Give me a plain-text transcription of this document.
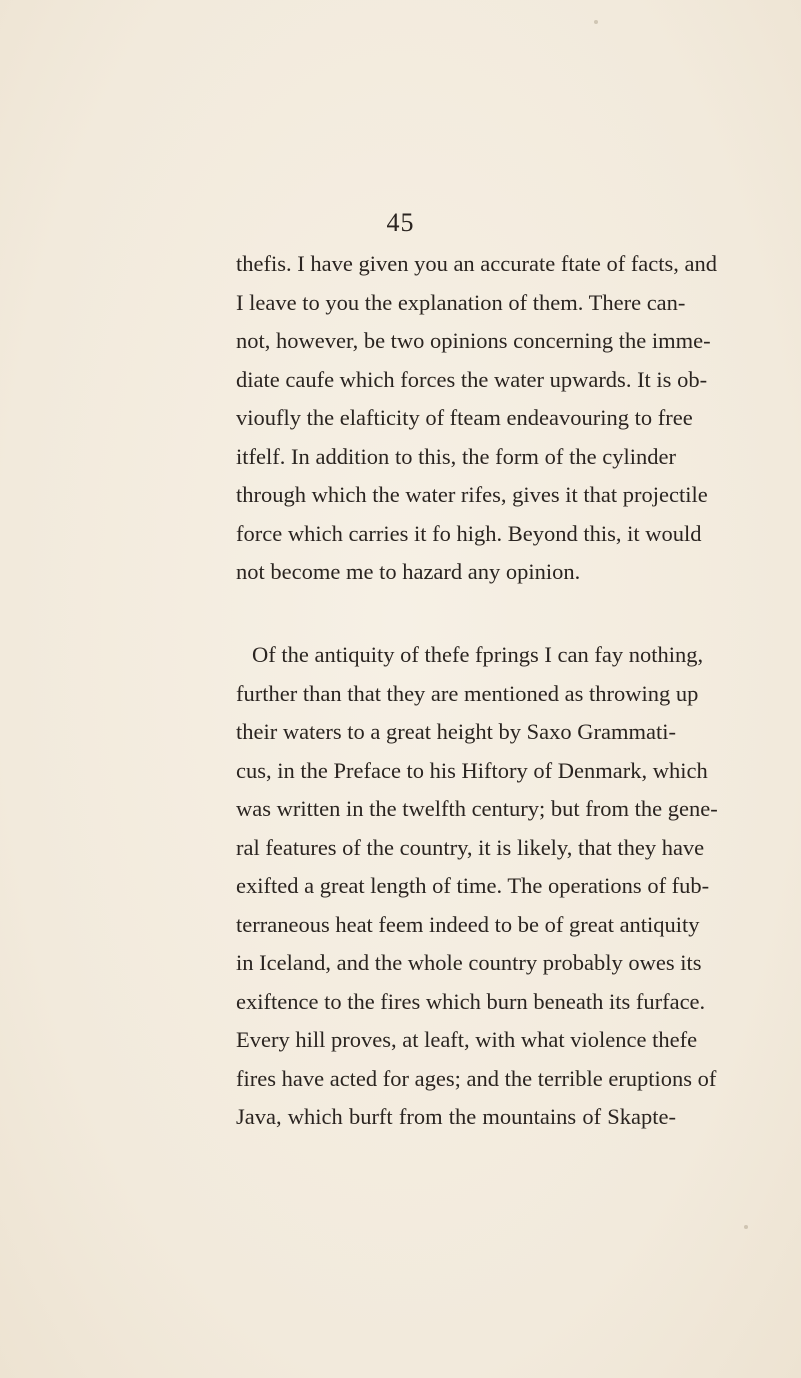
45
thefis. I have given you an accurate ftate of facts, and
I leave to you the explanation of them. There can-
not, however, be two opinions concerning the imme-
diate caufe which forces the water upwards. It is ob-
vioufly the elafticity of fteam endeavouring to free
itfelf. In addition to this, the form of the cylinder
through which the water rifes, gives it that projectile
force which carries it fo high. Beyond this, it would
not become me to hazard any opinion.
Of the antiquity of thefe fprings I can fay nothing,
further than that they are mentioned as throwing up
their waters to a great height by Saxo Grammati-
cus, in the Preface to his Hiftory of Denmark, which
was written in the twelfth century; but from the gene-
ral features of the country, it is likely, that they have
exifted a great length of time. The operations of fub-
terraneous heat feem indeed to be of great antiquity
in Iceland, and the whole country probably owes its
exiftence to the fires which burn beneath its furface.
Every hill proves, at leaft, with what violence thefe
fires have acted for ages; and the terrible eruptions of
Java, which burft from the mountains of Skapte-
